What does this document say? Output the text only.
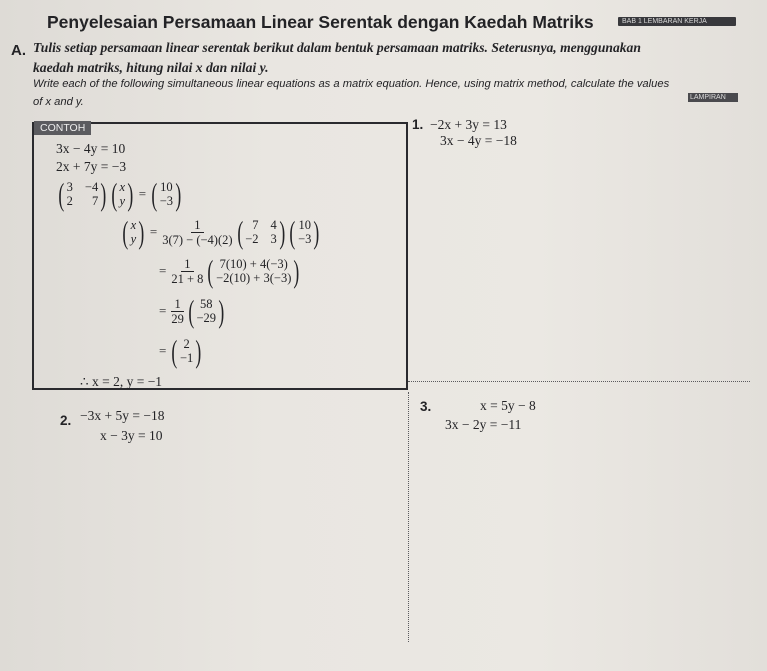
Penyelesaian Persamaan Linear Serentak dengan Kaedah Matriks	BAB 1 LEMBARAN KERJA
A. Tulis setiap persamaan linear serentak berikut dalam bentuk persamaan matriks. Seterusnya, menggunakan
kaedah matriks, hitung nilai x dan nilai y.
Write each of the following simultaneous linear equations as a matrix equation. Hence, using matrix method, calculate the values
of x and y.	LAMPIRAN
CONTOH
3x − 4y = 10
2x + 7y = −3
( 3 −4
2	7 ) ( x
y ) = ( 10
−3 )
( x
y ) = $\frac{1}{3(7) - (-4)(2)}$ ( 7 4
−2 3 ) ( 10
−3 )
= $\frac{1}{21 + 8}$ ( 7(10) + 4(−3)
−2(10) + 3(−3) )
= $\frac{1}{29}$ ( 58
−29 )
= ( 2
−1 )
∴ x = 2, y = −1
1. −2x + 3y = 13
3x − 4y = −18
2. −3x + 5y = −18
x − 3y = 10
3.	x = 5y − 8
3x − 2y = −11
